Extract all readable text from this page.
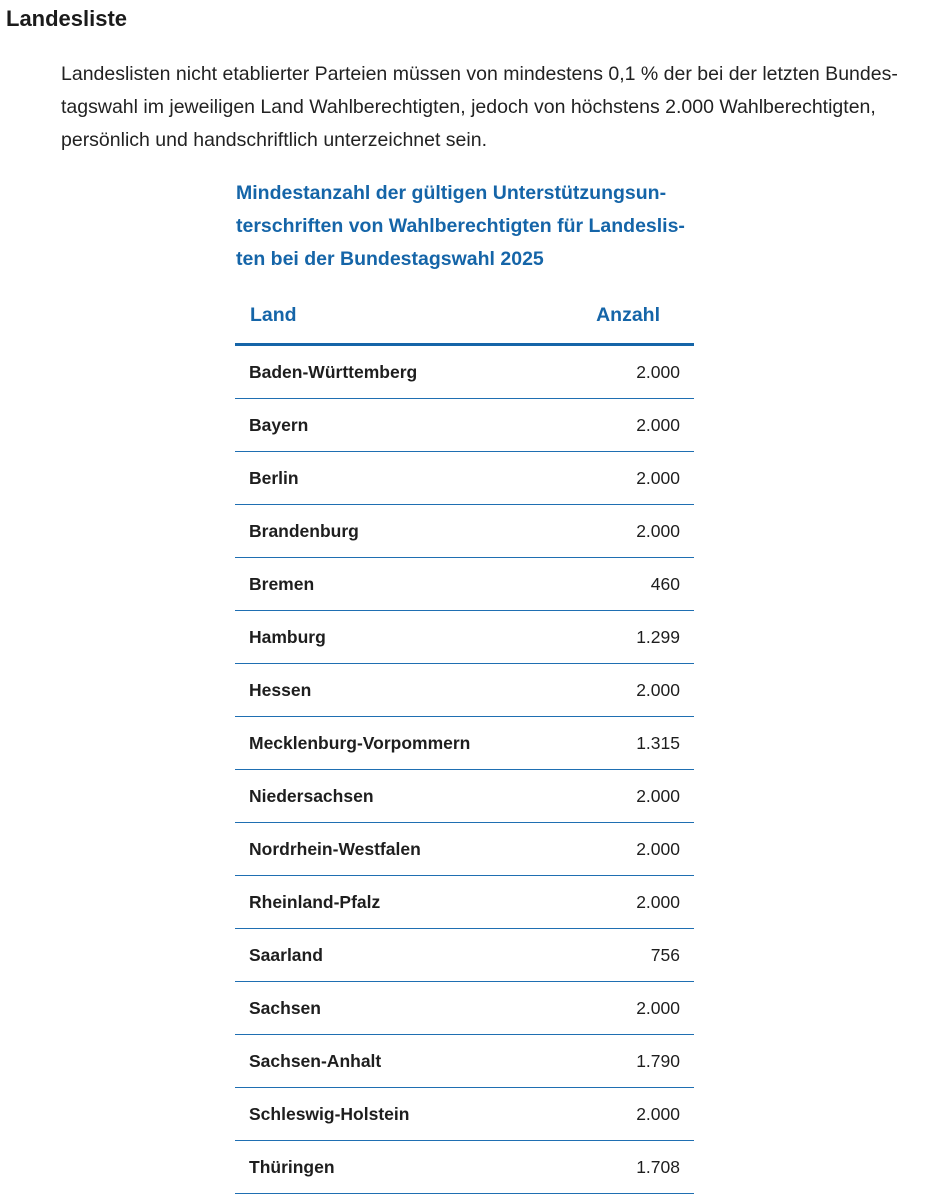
Landesliste

Landeslisten nicht etablierter Parteien müssen von mindestens 0,1 % der bei der letzten Bundestagswahl im jeweiligen Land Wahlberechtigten, jedoch von höchstens 2.000 Wahlberechtigten, persönlich und handschriftlich unterzeichnet sein.

Mindestanzahl der gültigen Unterstützungsun-
terschriften von Wahlberechtigten für Landeslis-
ten bei der Bundestagswahl 2025
Land	Anzahl
Baden-Württemberg	2.000
Bayern	2.000
Berlin	2.000
Brandenburg	2.000
Bremen	460
Hamburg	1.299
Hessen	2.000
Mecklenburg-Vorpommern	1.315
Niedersachsen	2.000
Nordrhein-Westfalen	2.000
Rheinland-Pfalz	2.000
Saarland	756
Sachsen	2.000
Sachsen-Anhalt	1.790
Schleswig-Holstein	2.000
Thüringen	1.708
